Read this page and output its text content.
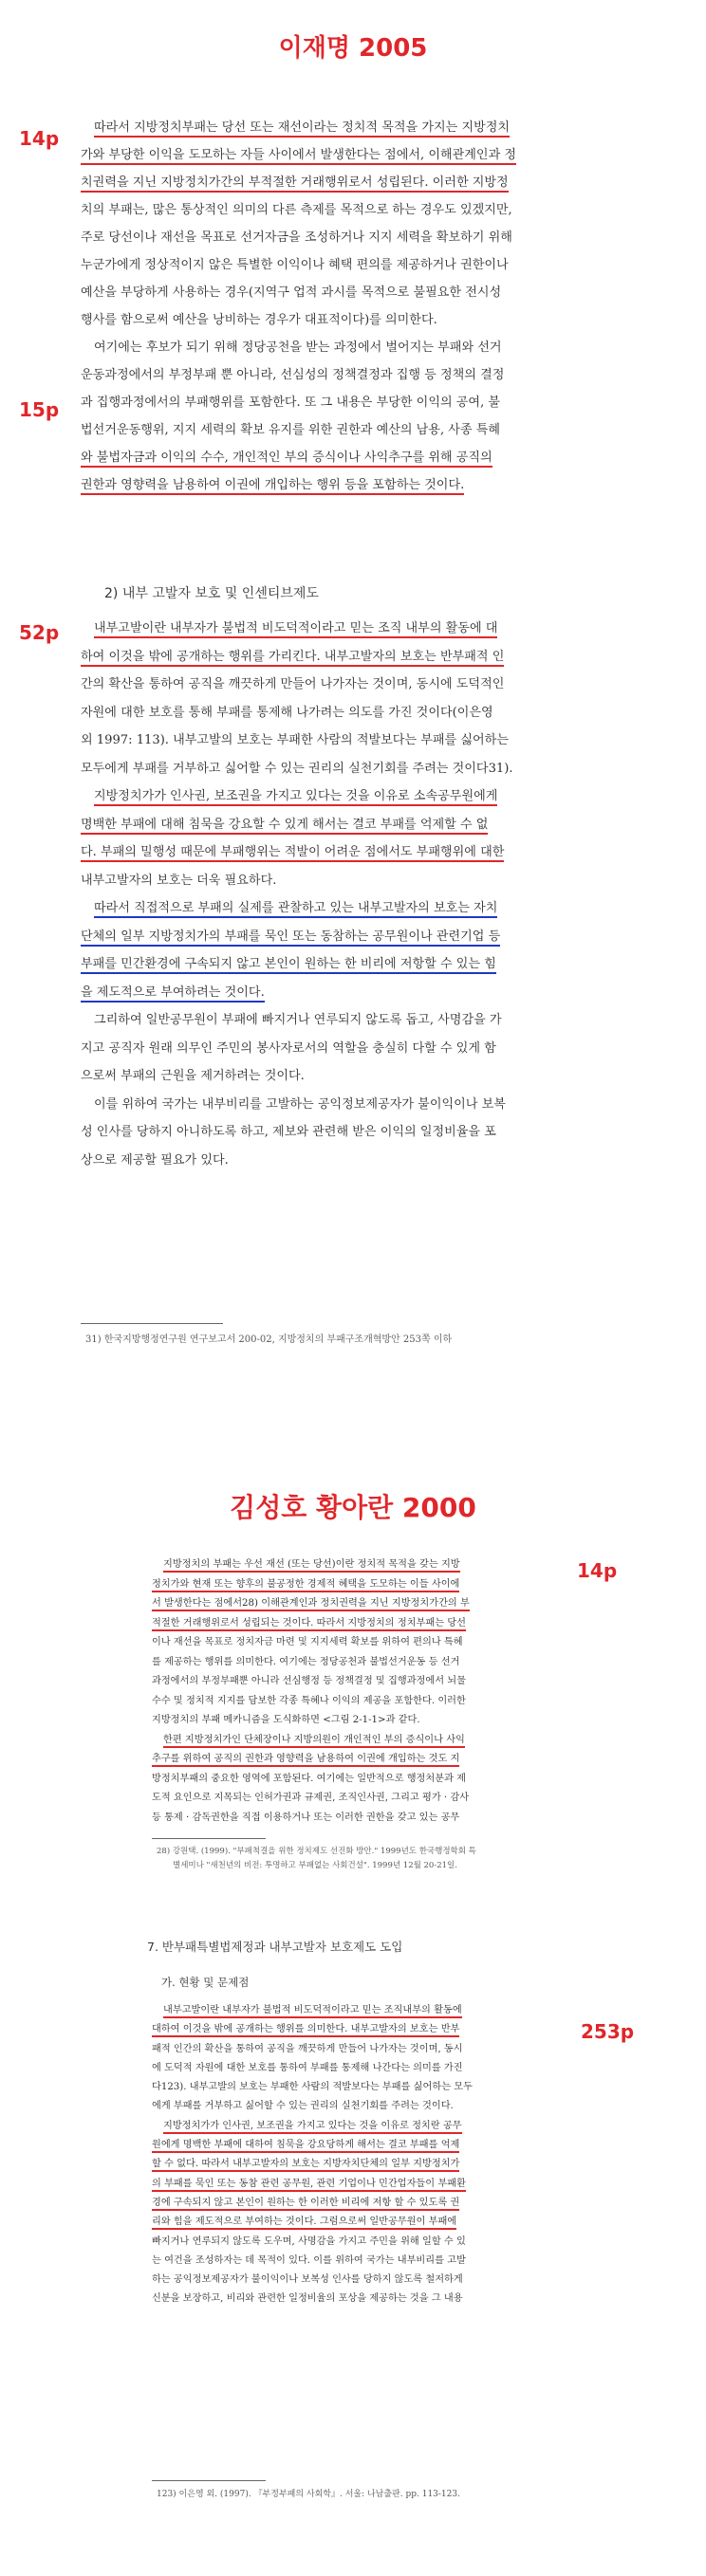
이재명 2005
14p
15p
52p
따라서 지방정치부패는 당선 또는 재선이라는 정치적 목적을 가지는 지방정치
가와 부당한 이익을 도모하는 자들 사이에서 발생한다는 점에서, 이해관계인과 정
치권력을 지닌 지방정치가간의 부적절한 거래행위로서 성립된다. 이러한 지방정
치의 부패는, 많은 통상적인 의미의 다른 측제를 목적으로 하는 경우도 있겠지만,
주로 당선이나 재선을 목표로 선거자금을 조성하거나 지지 세력을 확보하기 위해
누군가에게 정상적이지 않은 특별한 이익이나 혜택 편의를 제공하거나 권한이나
예산을 부당하게 사용하는 경우(지역구 업적 과시를 목적으로 불필요한 전시성
행사를 함으로써 예산을 낭비하는 경우가 대표적이다)를 의미한다.
여기에는 후보가 되기 위해 정당공천을 받는 과정에서 벌어지는 부패와 선거
운동과정에서의 부정부패 뿐 아니라, 선심성의 정책결정과 집행 등 정책의 결정
과 집행과정에서의 부패행위를 포함한다. 또 그 내용은 부당한 이익의 공여, 불
법선거운동행위, 지지 세력의 확보 유지를 위한 권한과 예산의 남용, 사종 특혜
와 불법자금과 이익의 수수, 개인적인 부의 증식이나 사익추구를 위해 공직의
권한과 영향력을 남용하여 이권에 개입하는 행위 등을 포함하는 것이다.
2) 내부 고발자 보호 및 인센티브제도
내부고발이란 내부자가 불법적 비도덕적이라고 믿는 조직 내부의 활동에 대
하여 이것을 밖에 공개하는 행위를 가리킨다. 내부고발자의 보호는 반부패적 인
간의 확산을 통하여 공직을 깨끗하게 만들어 나가자는 것이며, 동시에 도덕적인
자원에 대한 보호를 통해 부패를 통제해 나가려는 의도를 가진 것이다(이은영
외 1997: 113). 내부고발의 보호는 부패한 사람의 적발보다는 부패를 싫어하는
모두에게 부패를 거부하고 싫어할 수 있는 권리의 실천기회를 주려는 것이다31).
지방정치가가 인사권, 보조권을 가지고 있다는 것을 이유로 소속공무원에게
명백한 부패에 대해 침묵을 강요할 수 있게 해서는 결코 부패를 억제할 수 없
다. 부패의 밀행성 때문에 부패행위는 적발이 어려운 점에서도 부패행위에 대한
내부고발자의 보호는 더욱 필요하다.
따라서 직접적으로 부패의 실제를 관찰하고 있는 내부고발자의 보호는 자치
단체의 일부 지방정치가의 부패를 묵인 또는 동참하는 공무원이나 관련기업 등
부패를 민간환경에 구속되지 않고 본인이 원하는 한 비리에 저항할 수 있는 힘
을 제도적으로 부여하려는 것이다.
그리하여 일반공무원이 부패에 빠지거나 연루되지 않도록 돕고, 사명감을 가
지고 공직자 원래 의무인 주민의 봉사자로서의 역할을 충실히 다할 수 있게 함
으로써 부패의 근원을 제거하려는 것이다.
이를 위하여 국가는 내부비리를 고발하는 공익정보제공자가 불이익이나 보복
성 인사를 당하지 아니하도록 하고, 제보와 관련해 받은 이익의 일정비율을 포
상으로 제공할 필요가 있다.
31) 한국지방행정연구원 연구보고서 200-02, 지방정치의 부패구조개혁방안 253쪽 이하
김성호 황아란 2000
14p
지방정치의 부패는 우선 재선 (또는 당선)이란 정치적 목적을 갖는 지방
정치가와 현재 또는 향후의 불공정한 경제적 혜택을 도모하는 이들 사이에
서 발생한다는 점에서28) 이해관계인과 정치권력을 지닌 지방정치가간의 부
적절한 거래행위로서 성립되는 것이다. 따라서 지방정치의 정치부패는 당선
이나 재선을 목표로 정치자금 마련 및 지지세력 확보를 위하여 편의나 특혜
를 제공하는 행위를 의미한다. 여기에는 정당공천과 불법선거운동 등 선거
과정에서의 부정부패뿐 아니라 선심행정 등 정책결정 및 집행과정에서 뇌물
수수 및 정치적 지지를 담보한 각종 특혜나 이익의 제공을 포함한다. 이러한
지방정치의 부패 메카니즘을 도식화하면 <그림 2-1-1>과 같다.
한편 지방정치가인 단체장이나 지방의원이 개인적인 부의 증식이나 사익
추구를 위하여 공직의 권한과 영향력을 남용하여 이권에 개입하는 것도 지
방정치부패의 중요한 영역에 포함된다. 여기에는 일반적으로 행정처분과 제
도적 요인으로 지목되는 인허가권과 규제권, 조직인사권, 그리고 평가 · 감사
등 통제 · 감독권한을 직접 이용하거나 또는 이러한 권한을 갖고 있는 공무
28) 강원택. (1999). "부패척결을 위한 정치제도 선진화 방안." 1999년도 한국행정학회 특
별세미나 "새천년의 비전: 투명하고 부패없는 사회건설". 1999년 12월 20-21일.
7. 반부패특별법제정과 내부고발자 보호제도 도입
가. 현황 및 문제점
253p
내부고발이란 내부자가 불법적 비도덕적이라고 믿는 조직내부의 활동에
대하여 이것을 밖에 공개하는 행위를 의미한다. 내부고발자의 보호는 반부
패적 인간의 확산을 통하여 공직을 깨끗하게 만들어 나가자는 것이며, 동시
에 도덕적 자원에 대한 보호를 통하여 부패를 통제해 나간다는 의미를 가진
다123). 내부고발의 보호는 부패한 사람의 적발보다는 부패를 싫어하는 모두
에게 부패를 거부하고 싫어할 수 있는 권리의 실천기회를 주려는 것이다.
지방정치가가 인사권, 보조권을 가지고 있다는 것을 이유로 정치란 공무
원에게 명백한 부패에 대하여 침묵을 강요당하게 해서는 결코 부패를 억제
할 수 없다. 따라서 내부고발자의 보호는 지방자치단체의 일부 지방정치가
의 부패를 묵인 또는 동참 관련 공무원, 관련 기업이나 민간업자들이 부패환
경에 구속되지 않고 본인이 원하는 한 이러한 비리에 저항 할 수 있도록 권
리와 힘을 제도적으로 부여하는 것이다. 그럼으로써 일반공무원이 부패에
빠지거나 연루되지 않도록 도우며, 사명감을 가지고 주민을 위해 일할 수 있
는 여건을 조성하자는 데 목적이 있다. 이를 위하여 국가는 내부비리를 고발
하는 공익정보제공자가 불이익이나 보복성 인사를 당하지 않도록 철저하게
신분을 보장하고, 비리와 관련한 일정비율의 포상을 제공하는 것을 그 내용
123) 이은영 외. (1997). 『부정부패의 사회학』. 서울: 나남출판. pp. 113-123.
